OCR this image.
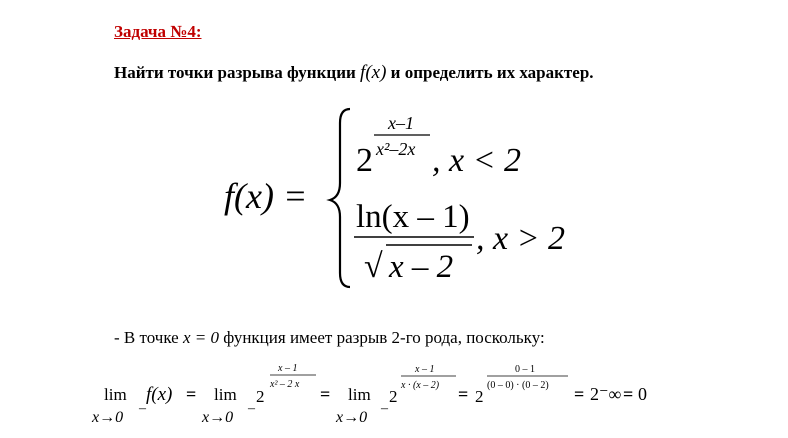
Задача №4:
Найти точки разрыва функции f(x) и определить их характер.
f(x) =
2
x–1
x²–2x , x < 2
ln(x – 1)
√ x – 2
, x > 2
- В точке x = 0 функция имеет разрыв 2-го рода, поскольку:
lim
x→0
–
f(x) = lim
x→0
–
2
x – 1
x² – 2 x = lim
x→0
–
2
x – 1
x · (x – 2) = 2
0 – 1
(0 – 0) · (0 – 2) = 2⁻∞ = 0
